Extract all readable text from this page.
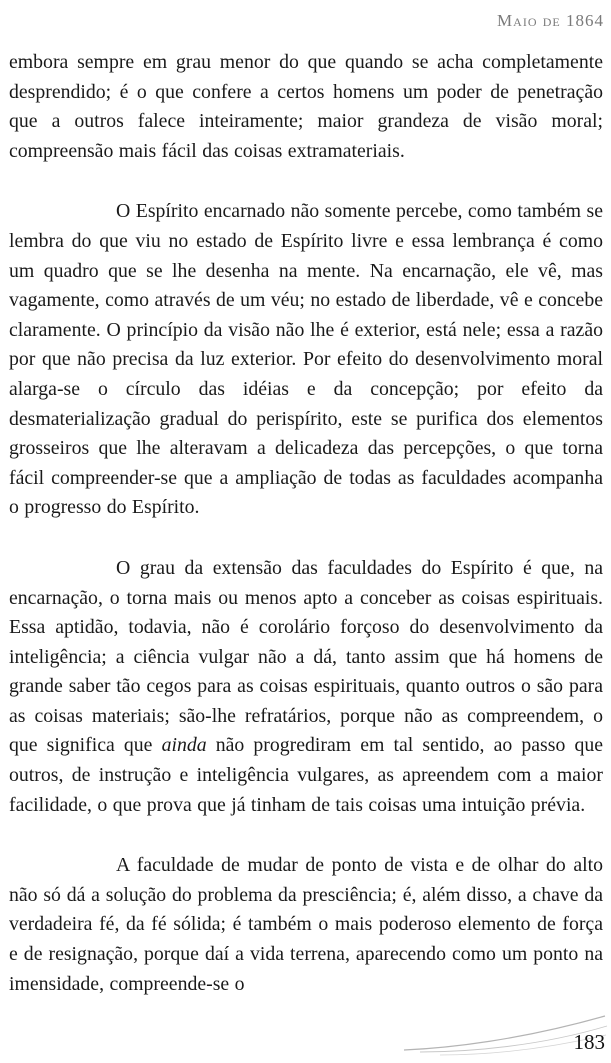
Maio de 1864

embora sempre em grau menor do que quando se acha completamente desprendido; é o que confere a certos homens um poder de penetração que a outros falece inteiramente; maior grandeza de visão moral; compreensão mais fácil das coisas extramateriais.

O Espírito encarnado não somente percebe, como também se lembra do que viu no estado de Espírito livre e essa lembrança é como um quadro que se lhe desenha na mente. Na encarnação, ele vê, mas vagamente, como através de um véu; no estado de liberdade, vê e concebe claramente. O princípio da visão não lhe é exterior, está nele; essa a razão por que não precisa da luz exterior. Por efeito do desenvolvimento moral alarga-se o círculo das idéias e da concepção; por efeito da desmaterialização gradual do perispírito, este se purifica dos elementos grosseiros que lhe alteravam a delicadeza das percepções, o que torna fácil compreender-se que a ampliação de todas as faculdades acompanha o progresso do Espírito.

O grau da extensão das faculdades do Espírito é que, na encarnação, o torna mais ou menos apto a conceber as coisas espirituais. Essa aptidão, todavia, não é corolário forçoso do desenvolvimento da inteligência; a ciência vulgar não a dá, tanto assim que há homens de grande saber tão cegos para as coisas espirituais, quanto outros o são para as coisas materiais; são-lhe refratários, porque não as compreendem, o que significa que ainda não progrediram em tal sentido, ao passo que outros, de instrução e inteligência vulgares, as apreendem com a maior facilidade, o que prova que já tinham de tais coisas uma intuição prévia.

A faculdade de mudar de ponto de vista e de olhar do alto não só dá a solução do problema da presciência; é, além disso, a chave da verdadeira fé, da fé sólida; é também o mais poderoso elemento de força e de resignação, porque daí a vida terrena, aparecendo como um ponto na imensidade, compreende-se o

183
